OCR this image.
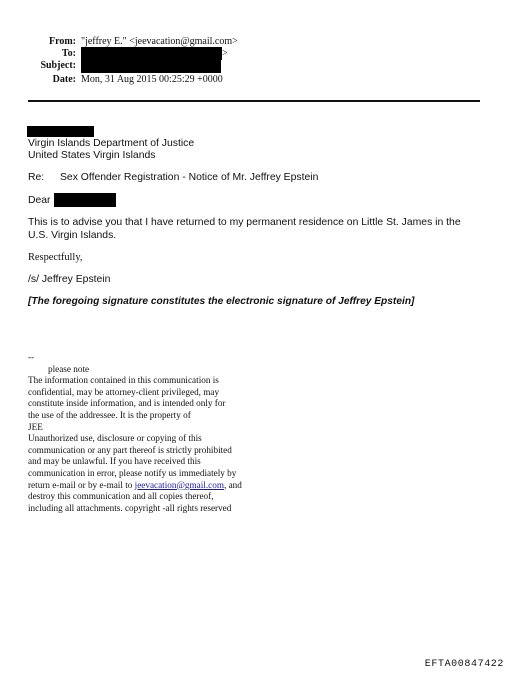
From: "jeffrey E." <jeevacation@gmail.com>
To:	>
Subject:
Date: Mon, 31 Aug 2015 00:25:29 +0000
Virgin Islands Department of Justice
United States Virgin Islands
Re: Sex Offender Registration - Notice of Mr. Jeffrey Epstein
Dear
This is to advise you that I have returned to my permanent residence on Little St. James in the U.S. Virgin Islands.
Respectfully,
/s/ Jeffrey Epstein
[The foregoing signature constitutes the electronic signature of Jeffrey Epstein]
--
please note
The information contained in this communication is
confidential, may be attorney-client privileged, may
constitute inside information, and is intended only for
the use of the addressee. It is the property of
JEE
Unauthorized use, disclosure or copying of this
communication or any part thereof is strictly prohibited
and may be unlawful. If you have received this
communication in error, please notify us immediately by
return e-mail or by e-mail to jeevacation@gmail.com, and
destroy this communication and all copies thereof,
including all attachments. copyright -all rights reserved
EFTA00847422
